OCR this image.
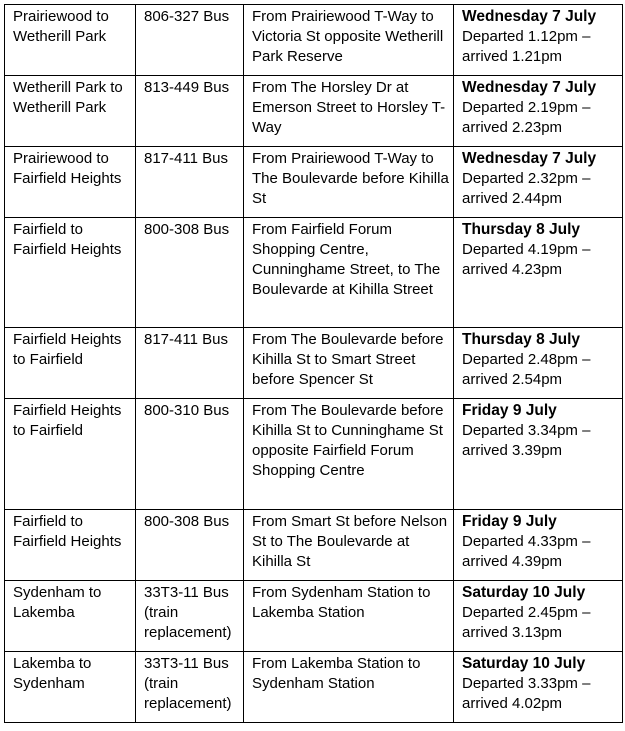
Prairiewood to Wetherill Park	806-327 Bus	From Prairiewood T-Way to Victoria St opposite Wetherill Park Reserve	Wednesday 7 July
Departed 1.12pm –
arrived 1.21pm

Wetherill Park to Wetherill Park	813-449 Bus	From The Horsley Dr at Emerson Street to Horsley T-Way	Wednesday 7 July
Departed 2.19pm –
arrived 2.23pm

Prairiewood to Fairfield Heights	817-411 Bus	From Prairiewood T-Way to The Boulevarde before Kihilla St	Wednesday 7 July
Departed 2.32pm –
arrived 2.44pm

Fairfield to Fairfield Heights	800-308 Bus	From Fairfield Forum Shopping Centre, Cunninghame Street, to The Boulevarde at Kihilla Street	Thursday 8 July
Departed 4.19pm –
arrived 4.23pm

Fairfield Heights to Fairfield	817-411 Bus	From The Boulevarde before Kihilla St to Smart Street before Spencer St	Thursday 8 July
Departed 2.48pm –
arrived 2.54pm

Fairfield Heights to Fairfield	800-310 Bus	From The Boulevarde before Kihilla St to Cunninghame St opposite Fairfield Forum Shopping Centre	Friday 9 July
Departed 3.34pm –
arrived 3.39pm

Fairfield to Fairfield Heights	800-308 Bus	From Smart St before Nelson St to The Boulevarde at Kihilla St	Friday 9 July
Departed 4.33pm –
arrived 4.39pm

Sydenham to Lakemba	33T3-11 Bus (train replacement)	From Sydenham Station to Lakemba Station	Saturday 10 July
Departed 2.45pm –
arrived 3.13pm

Lakemba to Sydenham	33T3-11 Bus (train replacement)	From Lakemba Station to Sydenham Station	Saturday 10 July
Departed 3.33pm –
arrived 4.02pm
